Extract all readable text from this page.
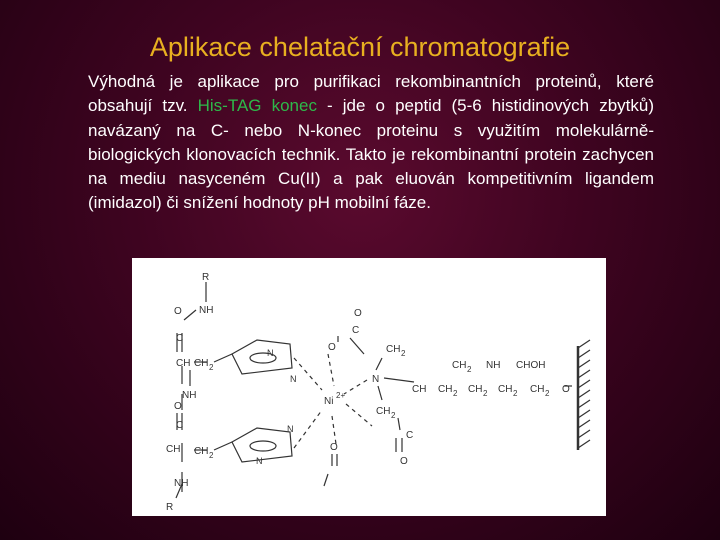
Aplikace chelatační chromatografie
Výhodná je aplikace pro purifikaci rekombinantních proteinů, které obsahují tzv. His-TAG konec - jde o peptid (5-6 histidinových zbytků) navázaný na C- nebo N-konec proteinu s využitím molekulárně-biologických klonovacích technik. Takto je rekombinantní protein zachycen na mediu nasyceném Cu(II) a pak eluován kompetitivním ligandem (imidazol) či snížení hodnoty pH mobilní fáze.
R
NH
O
C
CH CH 2
NH
O
C
CH CH 2
NH
R
N
N
N
N
Ni
2+
O
C
O
CH 2
N
CH 2
C
O
O
CH CH 2
CH 2
CH 2
NH
CH 2
CHOH
CH 2 O
